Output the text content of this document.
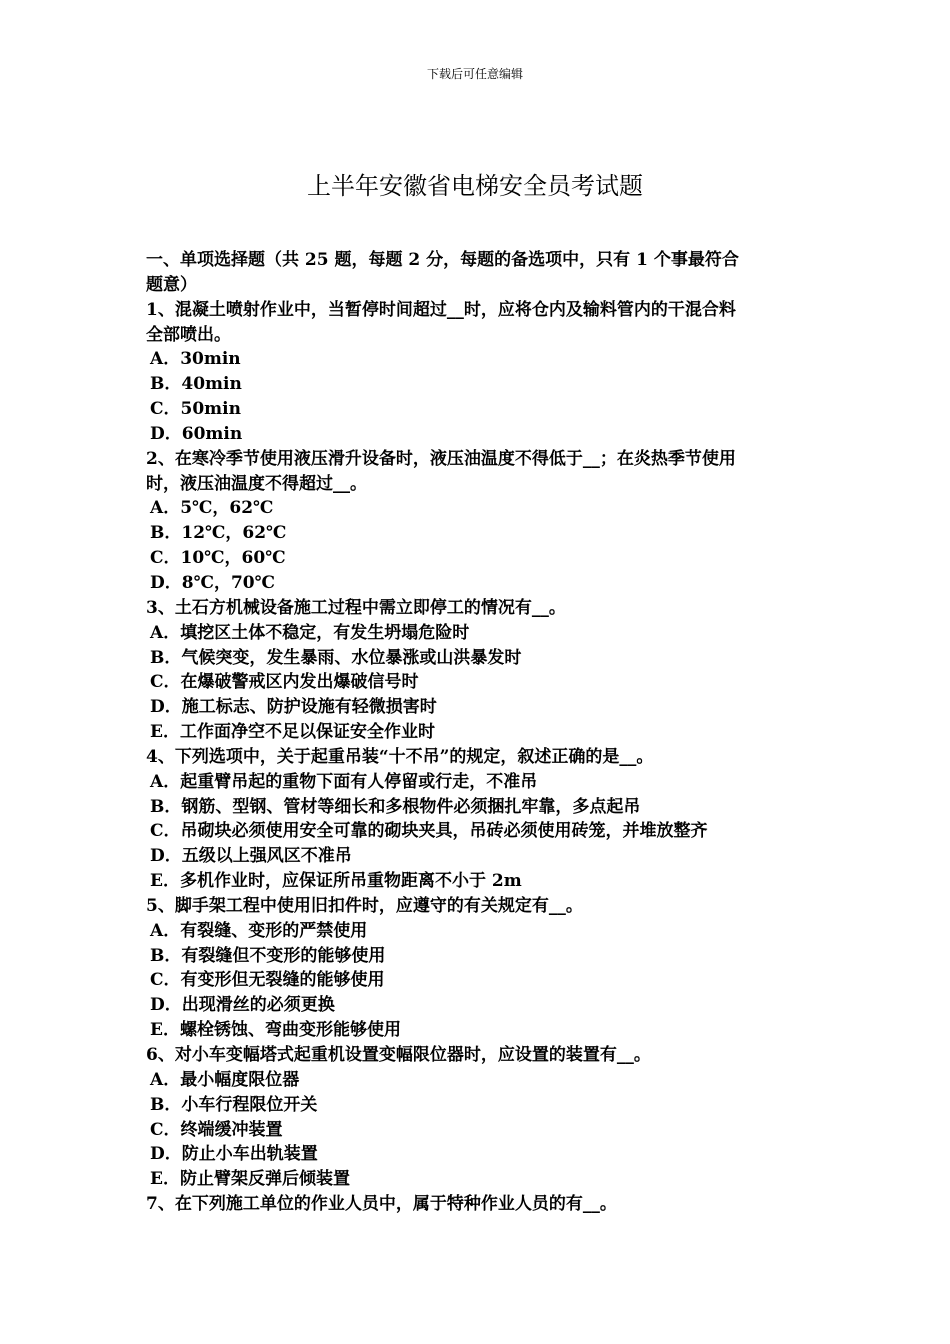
下载后可任意编辑
上半年安徽省电梯安全员考试题
一、单项选择题（共 25 题，每题 2 分，每题的备选项中，只有 1 个事最符合
题意）
1、混凝土喷射作业中，当暂停时间超过__时，应将仓内及输料管内的干混合料
全部喷出。
A．30min
B．40min
C．50min
D．60min
2、在寒冷季节使用液压滑升设备时，液压油温度不得低于__；在炎热季节使用
时，液压油温度不得超过__。
A．5℃，62℃
B．12℃，62℃
C．10℃，60℃
D．8℃，70℃
3、土石方机械设备施工过程中需立即停工的情况有__。
A．填挖区土体不稳定，有发生坍塌危险时
B．气候突变，发生暴雨、水位暴涨或山洪暴发时
C．在爆破警戒区内发出爆破信号时
D．施工标志、防护设施有轻微损害时
E．工作面净空不足以保证安全作业时
4、下列选项中，关于起重吊装“十不吊”的规定，叙述正确的是__。
A．起重臂吊起的重物下面有人停留或行走，不准吊
B．钢筋、型钢、管材等细长和多根物件必须捆扎牢靠，多点起吊
C．吊砌块必须使用安全可靠的砌块夹具，吊砖必须使用砖笼，并堆放整齐
D．五级以上强风区不准吊
E．多机作业时，应保证所吊重物距离不小于 2m
5、脚手架工程中使用旧扣件时，应遵守的有关规定有__。
A．有裂缝、变形的严禁使用
B．有裂缝但不变形的能够使用
C．有变形但无裂缝的能够使用
D．出现滑丝的必须更换
E．螺栓锈蚀、弯曲变形能够使用
6、对小车变幅塔式起重机设置变幅限位器时，应设置的装置有__。
A．最小幅度限位器
B．小车行程限位开关
C．终端缓冲装置
D．防止小车出轨装置
E．防止臂架反弹后倾装置
7、在下列施工单位的作业人员中，属于特种作业人员的有__。
